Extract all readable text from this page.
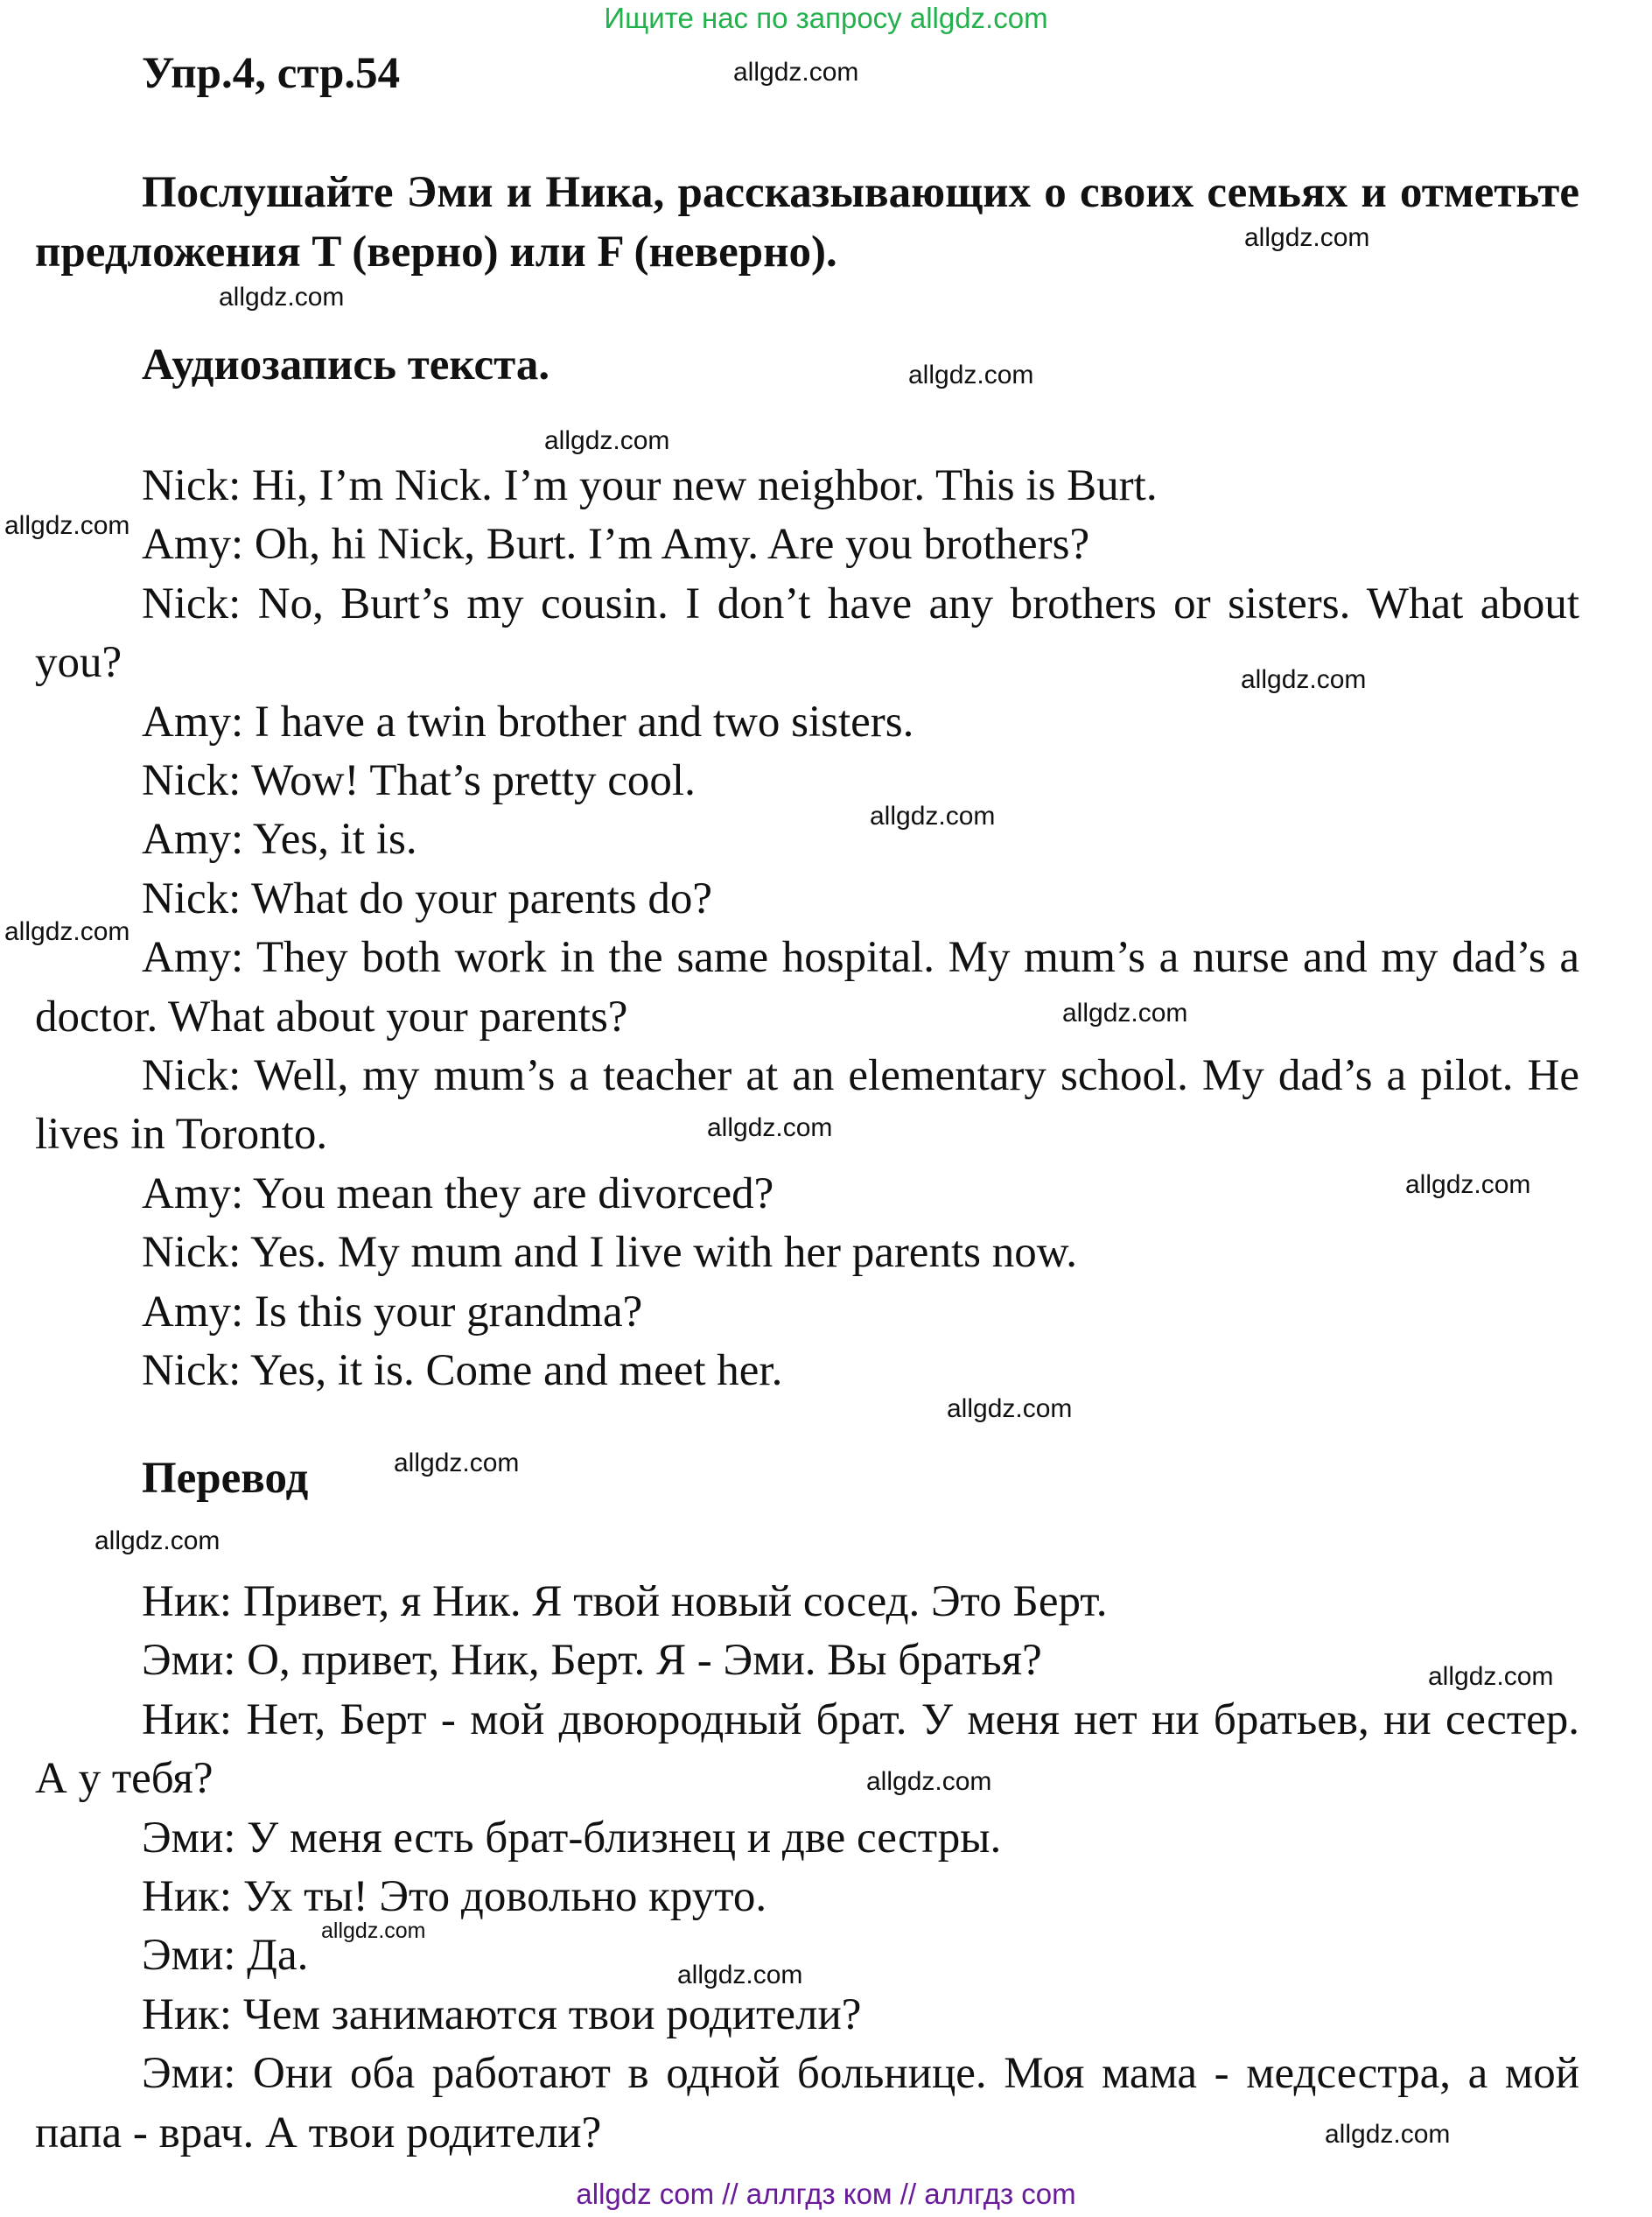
Ищите нас по запросу allgdz.com
Упр.4, стр.54
Послушайте Эми и Ника, рассказывающих о своих семьях и отметьте предложения T (верно) или F (неверно).
Аудиозапись текста.
Nick: Hi, I’m Nick. I’m your new neighbor. This is Burt.
Amy: Oh, hi Nick, Burt. I’m Amy. Are you brothers?
Nick: No, Burt’s my cousin. I don’t have any brothers or sisters. What about you?
Amy: I have a twin brother and two sisters.
Nick: Wow! That’s pretty cool.
Amy: Yes, it is.
Nick: What do your parents do?
Amy: They both work in the same hospital. My mum’s a nurse and my dad’s a doctor. What about your parents?
Nick: Well, my mum’s a teacher at an elementary school. My dad’s a pilot. He lives in Toronto.
Amy: You mean they are divorced?
Nick: Yes. My mum and I live with her parents now.
Amy: Is this your grandma?
Nick: Yes, it is. Come and meet her.
Перевод
Ник: Привет, я Ник. Я твой новый сосед. Это Берт.
Эми: О, привет, Ник, Берт. Я - Эми. Вы братья?
Ник: Нет, Берт - мой двоюродный брат. У меня нет ни братьев, ни сестер. А у тебя?
Эми: У меня есть брат-близнец и две сестры.
Ник: Ух ты! Это довольно круто.
Эми: Да.
Ник: Чем занимаются твои родители?
Эми: Они оба работают в одной больнице. Моя мама - медсестра, а мой папа - врач. А твои родители?
allgdz.com
allgdz.com
allgdz.com
allgdz.com
allgdz.com
allgdz.com
allgdz.com
allgdz.com
allgdz.com
allgdz.com
allgdz.com
allgdz.com
allgdz.com
allgdz.com
allgdz.com
allgdz.com
allgdz.com
allgdz.com
allgdz.com
allgdz.com
allgdz com // аллгдз ком // аллгдз com
